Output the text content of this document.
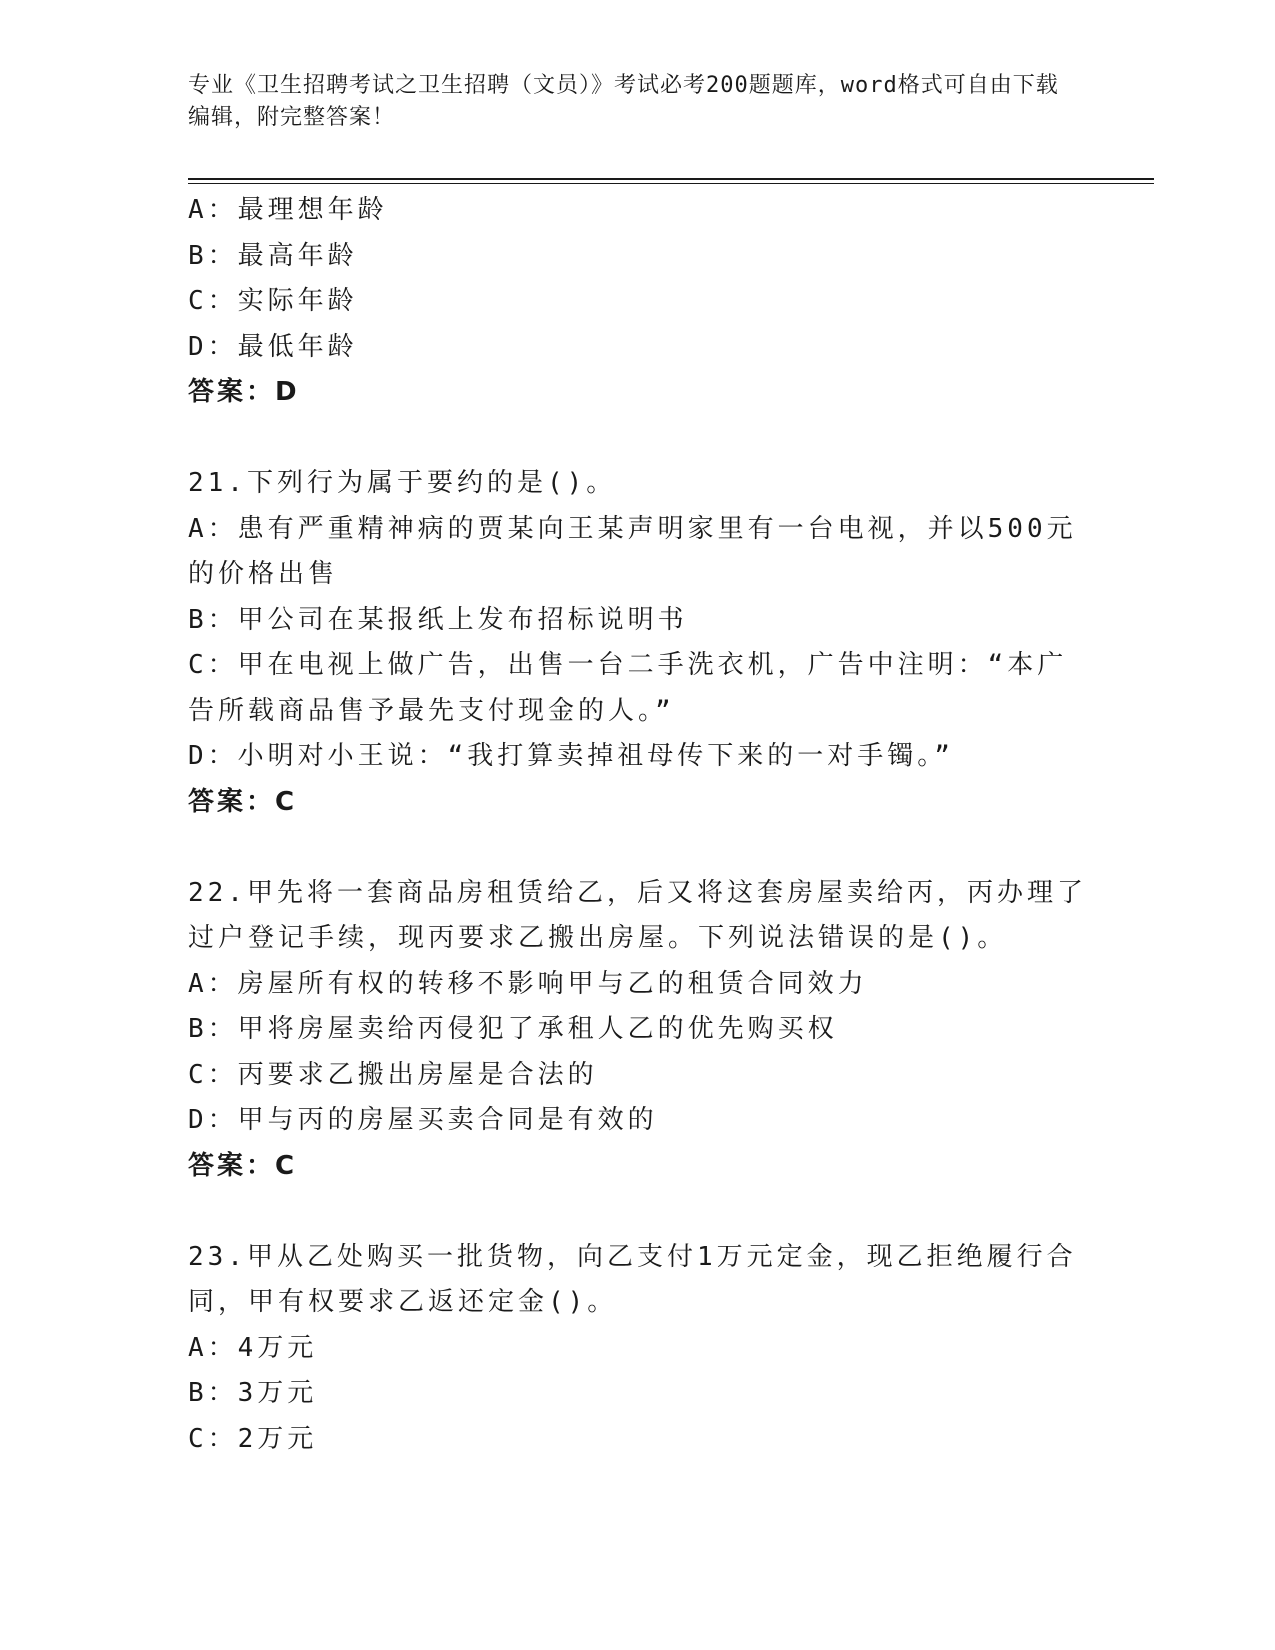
专业《卫生招聘考试之卫生招聘（文员）》考试必考200题题库，word格式可自由下载编辑，附完整答案！
A：最理想年龄
B：最高年龄
C：实际年龄
D：最低年龄
答案：D
21.下列行为属于要约的是()。
A：患有严重精神病的贾某向王某声明家里有一台电视，并以500元的价格出售
B：甲公司在某报纸上发布招标说明书
C：甲在电视上做广告，出售一台二手洗衣机，广告中注明：“本广告所载商品售予最先支付现金的人。”
D：小明对小王说：“我打算卖掉祖母传下来的一对手镯。”
答案：C
22.甲先将一套商品房租赁给乙，后又将这套房屋卖给丙，丙办理了过户登记手续，现丙要求乙搬出房屋。下列说法错误的是()。
A：房屋所有权的转移不影响甲与乙的租赁合同效力
B：甲将房屋卖给丙侵犯了承租人乙的优先购买权
C：丙要求乙搬出房屋是合法的
D：甲与丙的房屋买卖合同是有效的
答案：C
23.甲从乙处购买一批货物，向乙支付1万元定金，现乙拒绝履行合同，甲有权要求乙返还定金()。
A：4万元
B：3万元
C：2万元
